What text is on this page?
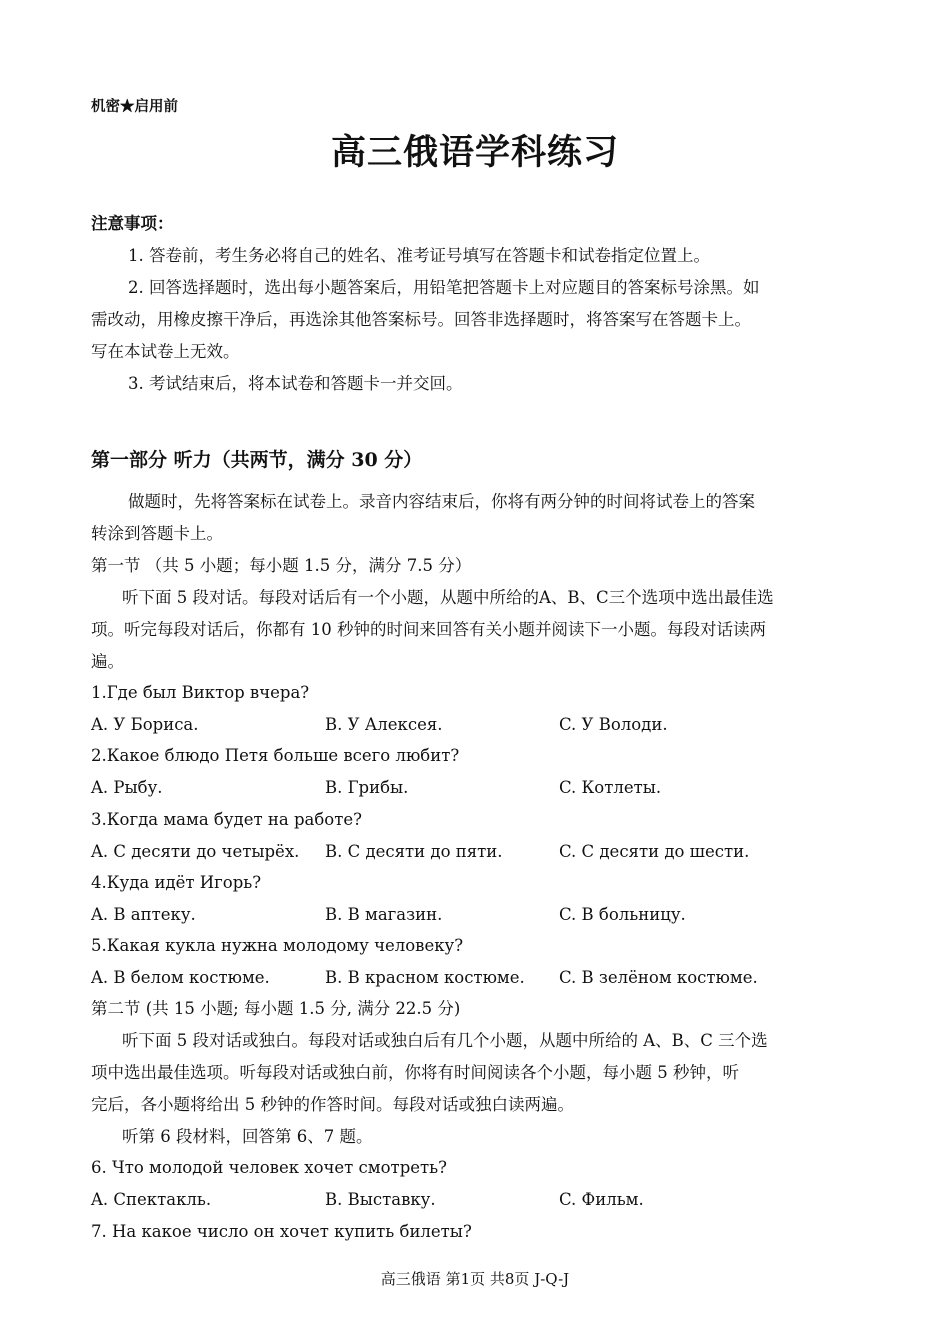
机密★启用前
高三俄语学科练习
注意事项：
1. 答卷前，考生务必将自己的姓名、准考证号填写在答题卡和试卷指定位置上。
2. 回答选择题时，选出每小题答案后，用铅笔把答题卡上对应题目的答案标号涂黑。如
需改动，用橡皮擦干净后，再选涂其他答案标号。回答非选择题时，将答案写在答题卡上。
写在本试卷上无效。
3. 考试结束后，将本试卷和答题卡一并交回。
第一部分 听力（共两节，满分 30 分）
做题时，先将答案标在试卷上。录音内容结束后，你将有两分钟的时间将试卷上的答案
转涂到答题卡上。
第一节 （共 5 小题；每小题 1.5 分，满分 7.5 分）
听下面 5 段对话。每段对话后有一个小题，从题中所给的A、B、C三个选项中选出最佳选
项。听完每段对话后，你都有 10 秒钟的时间来回答有关小题并阅读下一小题。每段对话读两
遍。
1.Где был Виктор вчера?
A. У Бориса.	B. У Алексея.	C. У Володи.
2.Какое блюдо Петя больше всего любит?
A. Рыбу.	B. Грибы.	C. Котлеты.
3.Когда мама будет на работе?
A. С десяти до четырёх. B. С десяти до пяти.	C. С десяти до шести.
4.Куда идёт Игорь?
A. В аптеку.	B. В магазин.	C. В больницу.
5.Какая кукла нужна молодому человеку?
A. В белом костюме.	B. В красном костюме. C. В зелёном костюме.
第二节 (共 15 小题; 每小题 1.5 分, 满分 22.5 分)
听下面 5 段对话或独白。每段对话或独白后有几个小题，从题中所给的 A、B、C 三个选
项中选出最佳选项。听每段对话或独白前，你将有时间阅读各个小题，每小题 5 秒钟，听
完后，各小题将给出 5 秒钟的作答时间。每段对话或独白读两遍。
听第 6 段材料，回答第 6、7 题。
6. Что молодой человек хочет смотреть?
A. Спектакль.	B. Выставку.	C. Фильм.
7. На какое число он хочет купить билеты?
高三俄语 第1页 共8页 J-Q-J
